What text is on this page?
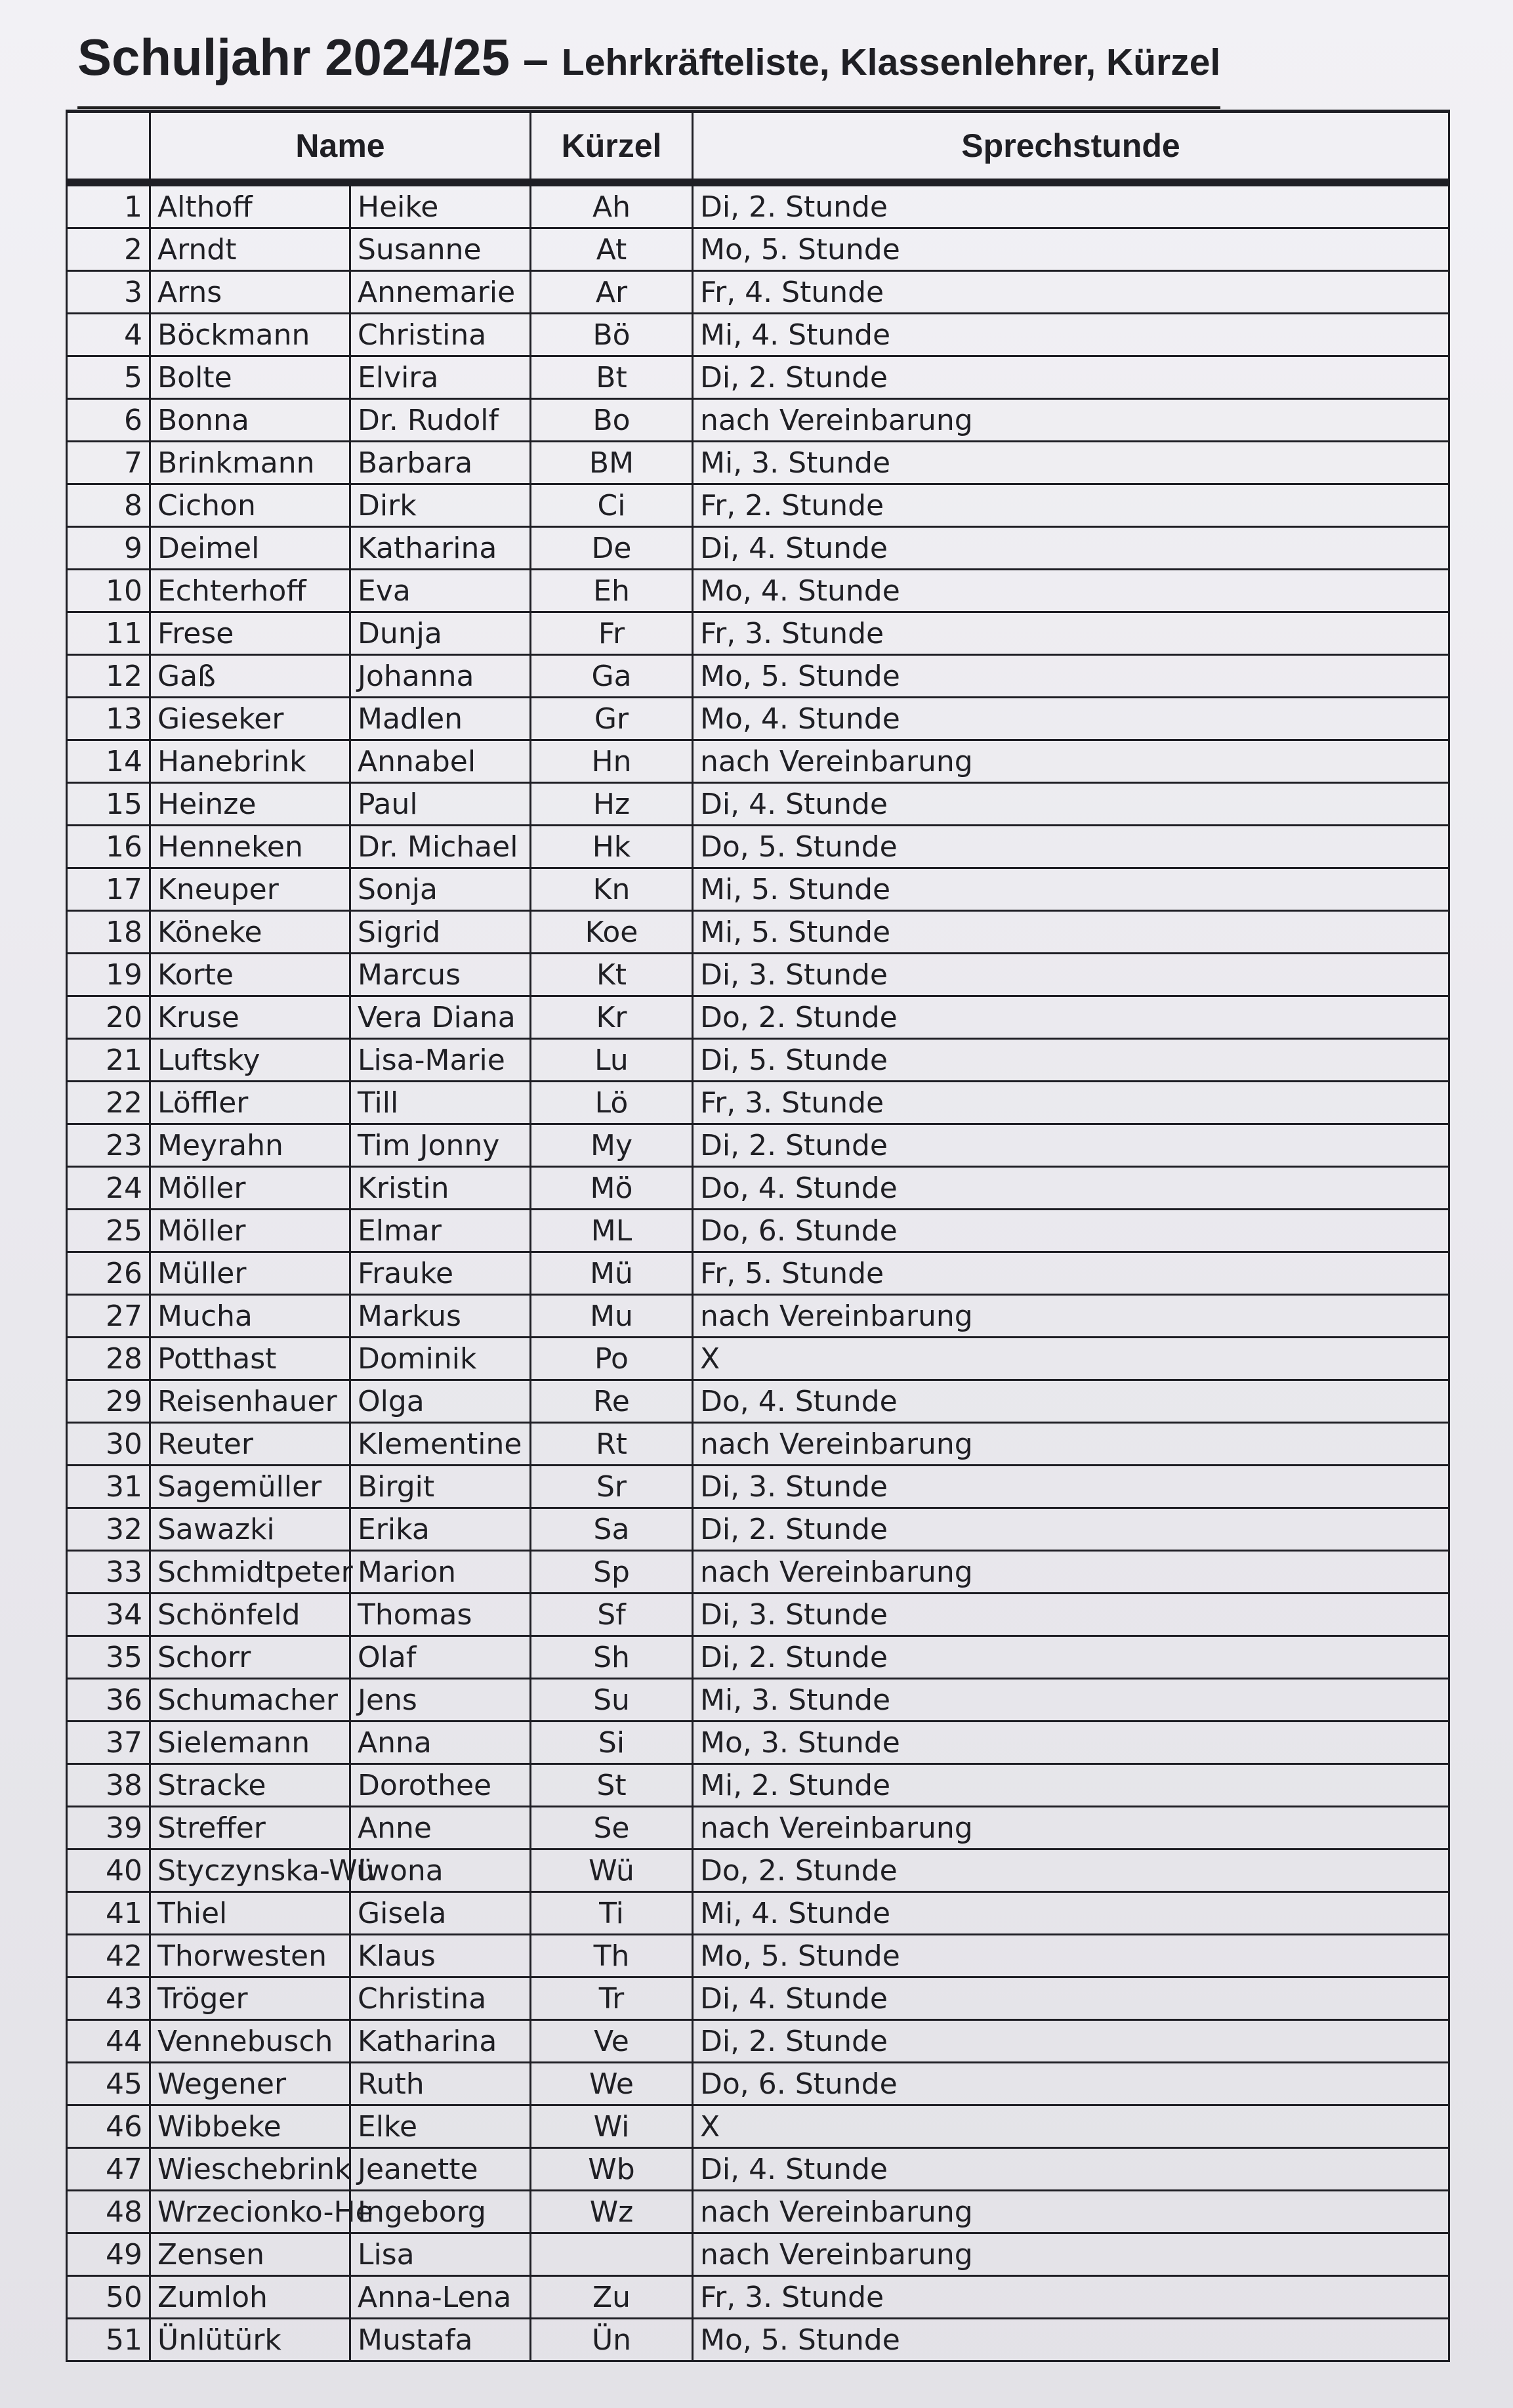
Schuljahr 2024/25 – Lehrkräfteliste, Klassenlehrer, Kürzel
	Name		Kürzel	Sprechstunde
1	Althoff	Heike	Ah	Di, 2. Stunde
2	Arndt	Susanne	At	Mo, 5. Stunde
3	Arns	Annemarie	Ar	Fr, 4. Stunde
4	Böckmann	Christina	Bö	Mi, 4. Stunde
5	Bolte	Elvira	Bt	Di, 2. Stunde
6	Bonna	Dr. Rudolf	Bo	nach Vereinbarung
7	Brinkmann	Barbara	BM	Mi, 3. Stunde
8	Cichon	Dirk	Ci	Fr, 2. Stunde
9	Deimel	Katharina	De	Di, 4. Stunde
10	Echterhoff	Eva	Eh	Mo, 4. Stunde
11	Frese	Dunja	Fr	Fr, 3. Stunde
12	Gaß	Johanna	Ga	Mo, 5. Stunde
13	Gieseker	Madlen	Gr	Mo, 4. Stunde
14	Hanebrink	Annabel	Hn	nach Vereinbarung
15	Heinze	Paul	Hz	Di, 4. Stunde
16	Henneken	Dr. Michael	Hk	Do, 5. Stunde
17	Kneuper	Sonja	Kn	Mi, 5. Stunde
18	Köneke	Sigrid	Koe	Mi, 5. Stunde
19	Korte	Marcus	Kt	Di, 3. Stunde
20	Kruse	Vera Diana	Kr	Do, 2. Stunde
21	Luftsky	Lisa-Marie	Lu	Di, 5. Stunde
22	Löffler	Till	Lö	Fr, 3. Stunde
23	Meyrahn	Tim Jonny	My	Di, 2. Stunde
24	Möller	Kristin	Mö	Do, 4. Stunde
25	Möller	Elmar	ML	Do, 6. Stunde
26	Müller	Frauke	Mü	Fr, 5. Stunde
27	Mucha	Markus	Mu	nach Vereinbarung
28	Potthast	Dominik	Po	X
29	Reisenhauer	Olga	Re	Do, 4. Stunde
30	Reuter	Klementine	Rt	nach Vereinbarung
31	Sagemüller	Birgit	Sr	Di, 3. Stunde
32	Sawazki	Erika	Sa	Di, 2. Stunde
33	Schmidtpeter	Marion	Sp	nach Vereinbarung
34	Schönfeld	Thomas	Sf	Di, 3. Stunde
35	Schorr	Olaf	Sh	Di, 2. Stunde
36	Schumacher	Jens	Su	Mi, 3. Stunde
37	Sielemann	Anna	Si	Mo, 3. Stunde
38	Stracke	Dorothee	St	Mi, 2. Stunde
39	Streffer	Anne	Se	nach Vereinbarung
40	Styczynska-Wü	Iwona	Wü	Do, 2. Stunde
41	Thiel	Gisela	Ti	Mi, 4. Stunde
42	Thorwesten	Klaus	Th	Mo, 5. Stunde
43	Tröger	Christina	Tr	Di, 4. Stunde
44	Vennebusch	Katharina	Ve	Di, 2. Stunde
45	Wegener	Ruth	We	Do, 6. Stunde
46	Wibbeke	Elke	Wi	X
47	Wieschebrink	Jeanette	Wb	Di, 4. Stunde
48	Wrzecionko-He	Ingeborg	Wz	nach Vereinbarung
49	Zensen	Lisa		nach Vereinbarung
50	Zumloh	Anna-Lena	Zu	Fr, 3. Stunde
51	Ünlütürk	Mustafa	Ün	Mo, 5. Stunde
